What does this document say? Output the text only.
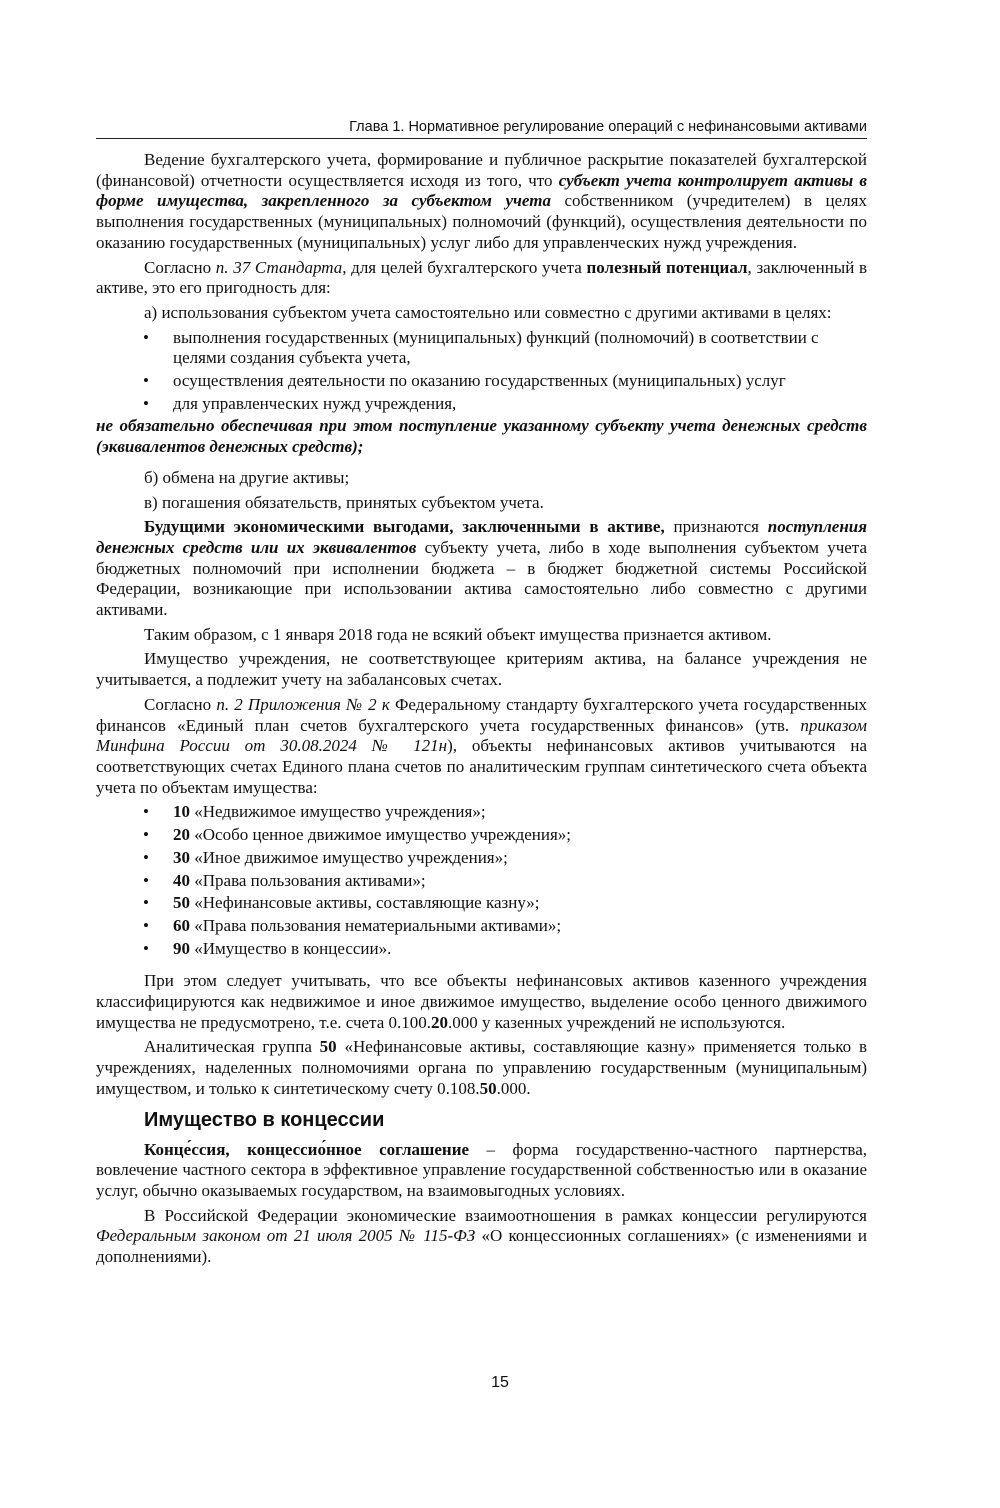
Глава 1. Нормативное регулирование операций с нефинансовыми активами

Ведение бухгалтерского учета, формирование и публичное раскрытие показателей бухгалтерской (финансовой) отчетности осуществляется исходя из того, что субъект учета контролирует активы в форме имущества, закрепленного за субъектом учета собственником (учредителем) в целях выполнения государственных (муниципальных) полномочий (функций), осуществления деятельности по оказанию государственных (муниципальных) услуг либо для управленческих нужд учреждения.

Согласно п. 37 Стандарта, для целей бухгалтерского учета полезный потенциал, заключенный в активе, это его пригодность для:

а) использования субъектом учета самостоятельно или совместно с другими активами в целях:

• выполнения государственных (муниципальных) функций (полномочий) в соответствии с целями создания субъекта учета,
• осуществления деятельности по оказанию государственных (муниципальных) услуг
• для управленческих нужд учреждения,

не обязательно обеспечивая при этом поступление указанному субъекту учета денежных средств (эквивалентов денежных средств);

б) обмена на другие активы;

в) погашения обязательств, принятых субъектом учета.

Будущими экономическими выгодами, заключенными в активе, признаются поступления денежных средств или их эквивалентов субъекту учета, либо в ходе выполнения субъектом учета бюджетных полномочий при исполнении бюджета – в бюджет бюджетной системы Российской Федерации, возникающие при использовании актива самостоятельно либо совместно с другими активами.

Таким образом, с 1 января 2018 года не всякий объект имущества признается активом.

Имущество учреждения, не соответствующее критериям актива, на балансе учреждения не учитывается, а подлежит учету на забалансовых счетах.

Согласно п. 2 Приложения № 2 к Федеральному стандарту бухгалтерского учета государственных финансов «Единый план счетов бухгалтерского учета государственных финансов» (утв. приказом Минфина России от 30.08.2024 № 121н), объекты нефинансовых активов учитываются на соответствующих счетах Единого плана счетов по аналитическим группам синтетического счета объекта учета по объектам имущества:

• 10 «Недвижимое имущество учреждения»;
• 20 «Особо ценное движимое имущество учреждения»;
• 30 «Иное движимое имущество учреждения»;
• 40 «Права пользования активами»;
• 50 «Нефинансовые активы, составляющие казну»;
• 60 «Права пользования нематериальными активами»;
• 90 «Имущество в концессии».

При этом следует учитывать, что все объекты нефинансовых активов казенного учреждения классифицируются как недвижимое и иное движимое имущество, выделение особо ценного движимого имущества не предусмотрено, т.е. счета 0.100.20.000 у казенных учреждений не используются.

Аналитическая группа 50 «Нефинансовые активы, составляющие казну» применяется только в учреждениях, наделенных полномочиями органа по управлению государственным (муниципальным) имуществом, и только к синтетическому счету 0.108.50.000.

Имущество в концессии

Конце́ссия, концессио́нное соглашение – форма государственно-частного партнерства, вовлечение частного сектора в эффективное управление государственной собственностью или в оказание услуг, обычно оказываемых государством, на взаимовыгодных условиях.

В Российской Федерации экономические взаимоотношения в рамках концессии регулируются Федеральным законом от 21 июля 2005 № 115-ФЗ «О концессионных соглашениях» (с изменениями и дополнениями).

15
